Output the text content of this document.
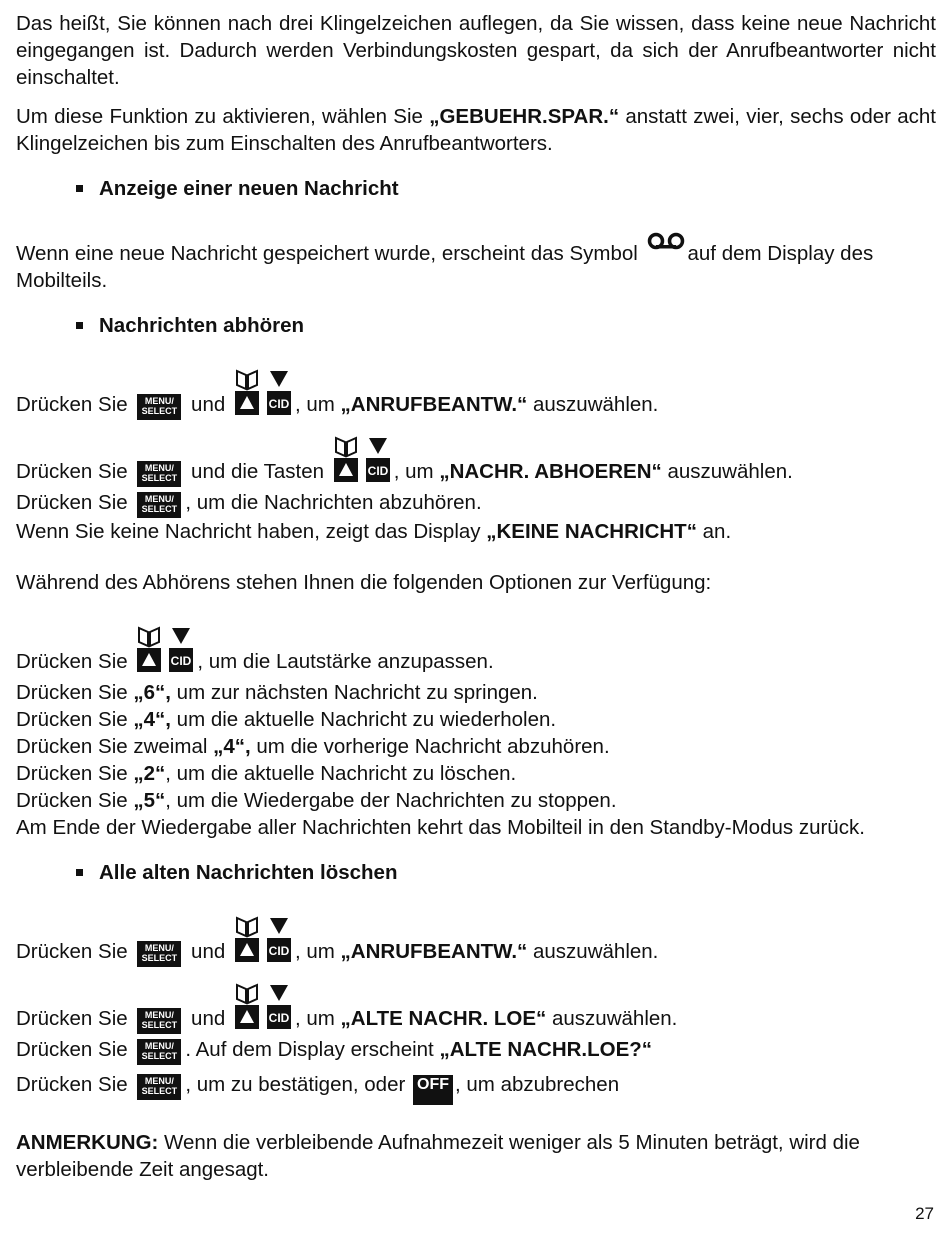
Das heißt, Sie können nach drei Klingelzeichen auflegen, da Sie wissen, dass keine neue Nachricht eingegangen ist. Dadurch werden Verbindungskosten gespart, da sich der Anrufbeantworter nicht einschaltet.

Um diese Funktion zu aktivieren, wählen Sie „GEBUEHR.SPAR.“ anstatt zwei, vier, sechs oder acht Klingelzeichen bis zum Einschalten des Anrufbeantworters.

Anzeige einer neuen Nachricht

Wenn eine neue Nachricht gespeichert wurde, erscheint das Symbol auf dem Display des Mobilteils.

Nachrichten abhören

Drücken Sie	MENU/
SELECT und	CID , um „ANRUFBEANTW.“ auszuwählen.

Drücken Sie	MENU/
SELECT und die Tasten	CID , um „NACHR. ABHOEREN“ auszuwählen.

Drücken Sie	MENU/
SELECT , um die Nachrichten abzuhören.

Wenn Sie keine Nachricht haben, zeigt das Display „KEINE NACHRICHT“ an.

Während des Abhörens stehen Ihnen die folgenden Optionen zur Verfügung:

Drücken Sie	CID , um die Lautstärke anzupassen.

Drücken Sie „6“, um zur nächsten Nachricht zu springen.

Drücken Sie „4“, um die aktuelle Nachricht zu wiederholen.

Drücken Sie zweimal „4“, um die vorherige Nachricht abzuhören.

Drücken Sie „2“, um die aktuelle Nachricht zu löschen.

Drücken Sie „5“, um die Wiedergabe der Nachrichten zu stoppen.

Am Ende der Wiedergabe aller Nachrichten kehrt das Mobilteil in den Standby-Modus zurück.

Alle alten Nachrichten löschen

Drücken Sie	MENU/
SELECT und	CID , um „ANRUFBEANTW.“ auszuwählen.

Drücken Sie	MENU/
SELECT und	CID , um „ALTE NACHR. LOE“ auszuwählen.

Drücken Sie	MENU/
SELECT . Auf dem Display erscheint „ALTE NACHR.LOE?“

Drücken Sie	MENU/
SELECT , um zu bestätigen, oder OFF , um abzubrechen

ANMERKUNG: Wenn die verbleibende Aufnahmezeit weniger als 5 Minuten beträgt, wird die verbleibende Zeit angesagt.

27
